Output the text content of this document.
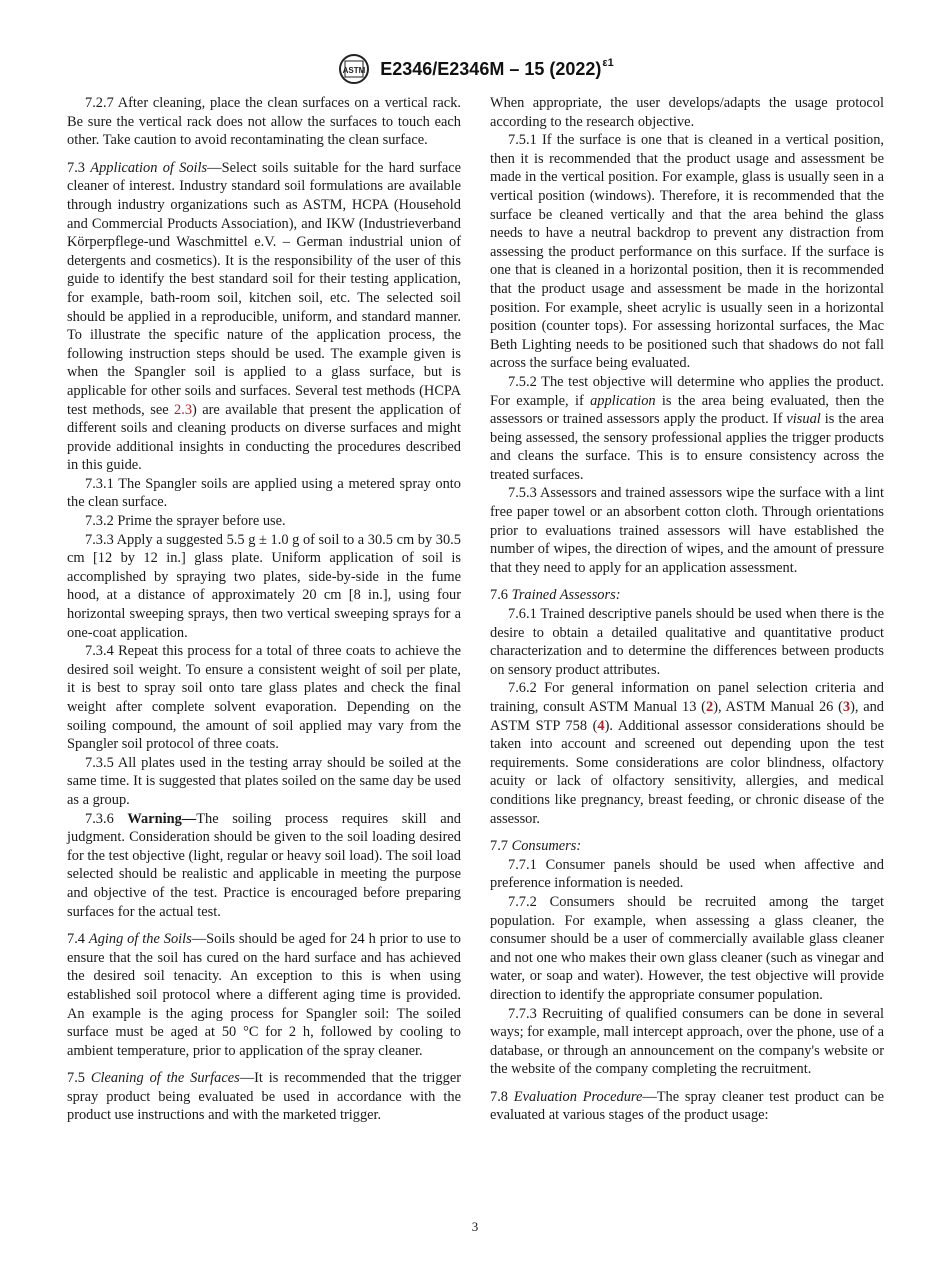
ASTM E2346/E2346M – 15 $(2022)^{\varepsilon 1}$

7.2.7 After cleaning, place the clean surfaces on a vertical rack. Be sure the vertical rack does not allow the surfaces to touch each other. Take caution to avoid recontaminating the clean surface.

7.3 Application of Soils—Select soils suitable for the hard surface cleaner of interest. Industry standard soil formulations are available through industry organizations such as ASTM, HCPA (Household and Commercial Products Association), and IKW (Industrieverband Körperpflege-und Waschmittel e.V. – German industrial union of detergents and cosmetics). It is the responsibility of the user of this guide to identify the best standard soil for their testing application, for example, bath-room soil, kitchen soil, etc. The selected soil should be applied in a reproducible, uniform, and standard manner. To illustrate the specific nature of the application process, the following instruction steps should be used. The example given is when the Spangler soil is applied to a glass surface, but is applicable for other soils and surfaces. Several test methods (HCPA test methods, see 2.3) are available that present the application of different soils and cleaning products on diverse surfaces and might provide additional insights in conducting the procedures described in this guide.

7.3.1 The Spangler soils are applied using a metered spray onto the clean surface.

7.3.2 Prime the sprayer before use.

7.3.3 Apply a suggested 5.5 g ± 1.0 g of soil to a 30.5 cm by 30.5 cm [12 by 12 in.] glass plate. Uniform application of soil is accomplished by spraying two plates, side-by-side in the fume hood, at a distance of approximately 20 cm [8 in.], using four horizontal sweeping sprays, then two vertical sweeping sprays for a one-coat application.

7.3.4 Repeat this process for a total of three coats to achieve the desired soil weight. To ensure a consistent weight of soil per plate, it is best to spray soil onto tare glass plates and check the final weight after complete solvent evaporation. Depending on the soiling compound, the amount of soil applied may vary from the Spangler soil protocol of three coats.

7.3.5 All plates used in the testing array should be soiled at the same time. It is suggested that plates soiled on the same day be used as a group.

7.3.6 Warning—The soiling process requires skill and judgment. Consideration should be given to the soil loading desired for the test objective (light, regular or heavy soil load). The soil load selected should be realistic and applicable in meeting the purpose and objective of the test. Practice is encouraged before preparing surfaces for the actual test.

7.4 Aging of the Soils—Soils should be aged for 24 h prior to use to ensure that the soil has cured on the hard surface and has achieved the desired soil tenacity. An exception to this is when using established soil protocol where a different aging time is provided. An example is the aging process for Spangler soil: The soiled surface must be aged at 50 °C for 2 h, followed by cooling to ambient temperature, prior to application of the spray cleaner.

7.5 Cleaning of the Surfaces—It is recommended that the trigger spray product being evaluated be used in accordance with the product use instructions and with the marketed trigger.

When appropriate, the user develops/adapts the usage protocol according to the research objective.

7.5.1 If the surface is one that is cleaned in a vertical position, then it is recommended that the product usage and assessment be made in the vertical position. For example, glass is usually seen in a vertical position (windows). Therefore, it is recommended that the surface be cleaned vertically and that the area behind the glass needs to have a neutral backdrop to prevent any distraction from assessing the product performance on this surface. If the surface is one that is cleaned in a horizontal position, then it is recommended that the product usage and assessment be made in the horizontal position. For example, sheet acrylic is usually seen in a horizontal position (counter tops). For assessing horizontal surfaces, the Mac Beth Lighting needs to be positioned such that shadows do not fall across the surface being evaluated.

7.5.2 The test objective will determine who applies the product. For example, if application is the area being evaluated, then the assessors or trained assessors apply the product. If visual is the area being assessed, the sensory professional applies the trigger products and cleans the surface. This is to ensure consistency across the treated surfaces.

7.5.3 Assessors and trained assessors wipe the surface with a lint free paper towel or an absorbent cotton cloth. Through orientations prior to evaluations trained assessors will have established the number of wipes, the direction of wipes, and the amount of pressure that they need to apply for an application assessment.

7.6 Trained Assessors:

7.6.1 Trained descriptive panels should be used when there is the desire to obtain a detailed qualitative and quantitative product characterization and to determine the differences between products on sensory product attributes.

7.6.2 For general information on panel selection criteria and training, consult ASTM Manual 13 (2), ASTM Manual 26 (3), and ASTM STP 758 (4). Additional assessor considerations should be taken into account and screened out depending upon the test requirements. Some considerations are color blindness, olfactory acuity or lack of olfactory sensitivity, allergies, and medical conditions like pregnancy, breast feeding, or chronic disease of the assessor.

7.7 Consumers:

7.7.1 Consumer panels should be used when affective and preference information is needed.

7.7.2 Consumers should be recruited among the target population. For example, when assessing a glass cleaner, the consumer should be a user of commercially available glass cleaner and not one who makes their own glass cleaner (such as vinegar and water, or soap and water). However, the test objective will provide direction to identify the appropriate consumer population.

7.7.3 Recruiting of qualified consumers can be done in several ways; for example, mall intercept approach, over the phone, use of a database, or through an announcement on the company's website or the website of the company completing the recruitment.

7.8 Evaluation Procedure—The spray cleaner test product can be evaluated at various stages of the product usage:

3
